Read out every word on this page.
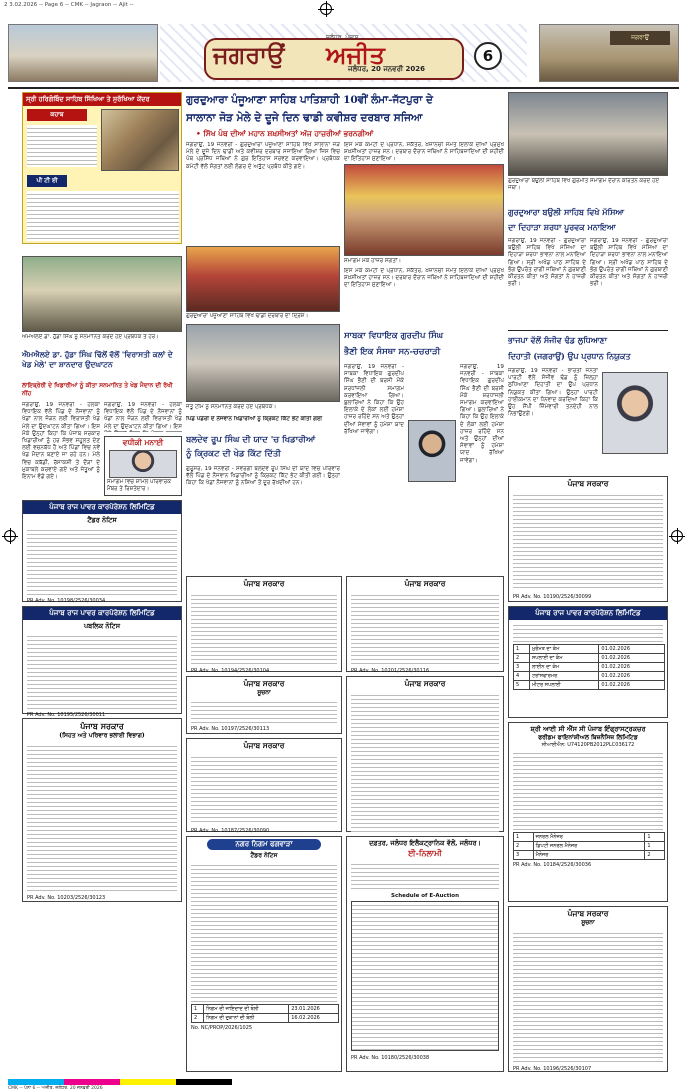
2 3.02.2026 -- Page 6 -- CMK -- Jagraon -- Ajit --
ਜਗਰਾਉਂ
ਜਲੰਧਰ, ਪੰਜਾਬ
ਅਜੀਤ
ਜਲੰਧਰ, 20 ਜਨਵਰੀ 2026
6
ਜਗਰਾਉਂ
ਸ੍ਰੀ ਹਰਿਗੋਬਿੰਦ ਸਾਹਿਬ ਸਿੱਖਿਆ ਤੇ ਸੁਰੱਖਿਆ ਕੇਂਦਰ
ਕਹਾਬ
ਪੀ ਟੀ ਈ
ਐਮਐਲਏ ਡਾ. ਹੁੱਡਾ ਸਿੰਘ ਨੂੰ ਸਨਮਾਨਿਤ ਕਰਦੇ ਹੋਏ ਪ੍ਰਬੰਧਕ ਤੇ ਹੋਰ।
ਐਮਐਲਏ ਡਾ. ਹੁੱਡਾ ਸਿੰਘ ਢਿੱਲੋਂ ਵੱਲੋਂ 'ਵਿਰਾਸਤੀ ਕਲਾਂ ਦੇ ਖੇਡ ਮੇਲੇ' ਦਾ ਸ਼ਾਨਦਾਰ ਉਦਘਾਟਨ
ਲਾਇਬ੍ਰੇਰੀ ਦੇ ਖਿਡਾਰੀਆਂ ਨੂੰ ਕੀਤਾ ਸਨਮਾਨਿਤ ਤੇ ਖੇਡ ਮੈਦਾਨ ਦੀ ਰੱਖੀ ਨੀਂਹ
ਜਗਰਾਉਂ, 19 ਜਨਵਰੀ - ਹਲਕਾ ਵਿਧਾਇਕ ਵੱਲੋਂ ਪਿੰਡ ਦੇ ਨੌਜਵਾਨਾਂ ਨੂੰ ਖੇਡਾਂ ਨਾਲ ਜੋੜਨ ਲਈ ਵਿਰਾਸਤੀ ਖੇਡ ਮੇਲੇ ਦਾ ਉਦਘਾਟਨ ਕੀਤਾ ਗਿਆ। ਇਸ ਮੌਕੇ ਉਨ੍ਹਾਂ ਕਿਹਾ ਕਿ ਪੰਜਾਬ ਸਰਕਾਰ ਖਿਡਾਰੀਆਂ ਨੂੰ ਹਰ ਸੰਭਵ ਸਹੂਲਤ ਦੇਣ ਲਈ ਵਚਨਬੱਧ ਹੈ ਅਤੇ ਪਿੰਡਾਂ ਵਿਚ ਨਵੇਂ ਖੇਡ ਮੈਦਾਨ ਬਣਾਏ ਜਾ ਰਹੇ ਹਨ। ਮੇਲੇ ਵਿਚ ਕਬੱਡੀ, ਰੱਸਾਕਸ਼ੀ ਤੇ ਦੌੜਾਂ ਦੇ ਮੁਕਾਬਲੇ ਕਰਵਾਏ ਗਏ ਅਤੇ ਜੇਤੂਆਂ ਨੂੰ ਇਨਾਮ ਵੰਡੇ ਗਏ।
ਜਗਰਾਉਂ, 19 ਜਨਵਰੀ - ਹਲਕਾ ਵਿਧਾਇਕ ਵੱਲੋਂ ਪਿੰਡ ਦੇ ਨੌਜਵਾਨਾਂ ਨੂੰ ਖੇਡਾਂ ਨਾਲ ਜੋੜਨ ਲਈ ਵਿਰਾਸਤੀ ਖੇਡ ਮੇਲੇ ਦਾ ਉਦਘਾਟਨ ਕੀਤਾ ਗਿਆ। ਇਸ
ਵਧੀਕੀ ਮਨਾਈ
ਸਮਾਗਮ ਵਿਚ ਸ਼ਾਮਲ ਪਰਿਵਾਰਕ ਮੈਂਬਰ ਤੇ ਰਿਸ਼ਤੇਦਾਰ।
ਪੰਜਾਬ ਰਾਜ ਪਾਵਰ ਕਾਰਪੋਰੇਸ਼ਨ ਲਿਮਿਟਿਡ
ਟੈਂਡਰ ਨੋਟਿਸ
PR Adv. No. 10198/2526/30034
ਪੰਜਾਬ ਰਾਜ ਪਾਵਰ ਕਾਰਪੋਰੇਸ਼ਨ ਲਿਮਿਟਿਡ
ਪਬਲਿਕ ਨੋਟਿਸ
PR Adv. No. 10195/2526/30011
ਪੰਜਾਬ ਸਰਕਾਰ
(ਸਿਹਤ ਅਤੇ ਪਰਿਵਾਰ ਭਲਾਈ ਵਿਭਾਗ)
PR Adv. No. 10203/2526/30123
ਗੁਰਦੁਆਰਾ ਪੰਜੂਆਣਾ ਸਾਹਿਬ ਪਾਤਿਸ਼ਾਹੀ 10ਵੀਂ ਲੰਮਾ-ਜੱਟਪੁਰਾ ਦੇ
ਸਾਲਾਨਾ ਜੋੜ ਮੇਲੇ ਦੇ ਦੂਜੇ ਦਿਨ ਢਾਡੀ ਕਵੀਸ਼ਰ ਦਰਬਾਰ ਸਜਿਆ
• ਸਿੱਖ ਪੰਥ ਦੀਆਂ ਮਹਾਨ ਸ਼ਖ਼ਸੀਅਤਾਂ ਅੱਜ ਹਾਜ਼ਰੀਆਂ ਭਰਨਗੀਆਂ
ਜਗਰਾਉਂ, 19 ਜਨਵਰੀ - ਗੁਰਦੁਆਰਾ ਪੰਜੂਆਣਾ ਸਾਹਿਬ ਵਿਖੇ ਸਾਲਾਨਾ ਜੋੜ ਮੇਲੇ ਦੇ ਦੂਜੇ ਦਿਨ ਢਾਡੀ ਅਤੇ ਕਵੀਸ਼ਰ ਦਰਬਾਰ ਸਜਾਇਆ ਗਿਆ ਜਿਸ ਵਿਚ ਪੰਥ ਪ੍ਰਸਿੱਧ ਜਥਿਆਂ ਨੇ ਗੁਰ ਇਤਿਹਾਸ ਸਰਵਣ ਕਰਵਾਇਆ। ਪ੍ਰਬੰਧਕ ਕਮੇਟੀ ਵੱਲੋਂ ਸੰਗਤਾਂ ਲਈ ਲੰਗਰ ਦੇ ਅਤੁੱਟ ਪ੍ਰਬੰਧ ਕੀਤੇ ਗਏ।
ਇਸ ਮੌਕੇ ਕਮੇਟੀ ਦੇ ਪ੍ਰਧਾਨ, ਸਕੱਤਰ, ਖ਼ਜ਼ਾਨਚੀ ਸਮੇਤ ਇਲਾਕੇ ਦੀਆਂ ਪ੍ਰਮੁੱਖ ਸ਼ਖ਼ਸੀਅਤਾਂ ਹਾਜ਼ਰ ਸਨ। ਦਰਬਾਰ ਦੌਰਾਨ ਜਥਿਆਂ ਨੇ ਸਾਹਿਬਜ਼ਾਦਿਆਂ ਦੀ ਸ਼ਹੀਦੀ ਦਾ ਇਤਿਹਾਸ ਸੁਣਾਇਆ।
ਸਮਾਗਮ ਮੌਕੇ ਹਾਜ਼ਰ ਸੰਗਤਾਂ।
ਗੁਰਦੁਆਰਾ ਪੰਜੂਆਣਾ ਸਾਹਿਬ ਵਿਖੇ ਢਾਡੀ ਦਰਬਾਰ ਦਾ ਦ੍ਰਿਸ਼।
ਇਸ ਮੌਕੇ ਕਮੇਟੀ ਦੇ ਪ੍ਰਧਾਨ, ਸਕੱਤਰ, ਖ਼ਜ਼ਾਨਚੀ ਸਮੇਤ ਇਲਾਕੇ ਦੀਆਂ ਪ੍ਰਮੁੱਖ ਸ਼ਖ਼ਸੀਅਤਾਂ ਹਾਜ਼ਰ ਸਨ। ਦਰਬਾਰ ਦੌਰਾਨ ਜਥਿਆਂ ਨੇ ਸਾਹਿਬਜ਼ਾਦਿਆਂ ਦੀ ਸ਼ਹੀਦੀ ਦਾ ਇਤਿਹਾਸ ਸੁਣਾਇਆ।
ਜੇਤੂ ਟੀਮ ਨੂੰ ਸਨਮਾਨਿਤ ਕਰਦੇ ਹੋਏ ਪ੍ਰਬੰਧਕ।
ਪਿੰਡ ਪੰਡੋਰੀ ਦੇ ਨੌਜਵਾਨ ਖਿਡਾਰੀਆਂ ਨੂੰ ਕ੍ਰਿਕਟ ਕਿੱਟ ਭੇਟ ਕੀਤੀ ਗਈ
ਬਲਦੇਵ ਰੂਪ ਸਿੰਘ ਦੀ ਯਾਦ 'ਚ ਖਿਡਾਰੀਆਂ
ਨੂੰ ਕ੍ਰਿਕਟ ਦੀ ਖੇਡ ਕਿੱਟ ਦਿੱਤੀ
ਗੁਰੂਸਰ, 19 ਜਨਵਰੀ - ਸਵਰਗੀ ਬਲਦੇਵ ਰੂਪ ਸਿੰਘ ਦੀ ਯਾਦ ਵਿਚ ਪਰਿਵਾਰ ਵੱਲੋਂ ਪਿੰਡ ਦੇ ਨੌਜਵਾਨ ਖਿਡਾਰੀਆਂ ਨੂੰ ਕ੍ਰਿਕਟ ਕਿੱਟ ਭੇਟ ਕੀਤੀ ਗਈ। ਉਨ੍ਹਾਂ ਕਿਹਾ ਕਿ ਖੇਡਾਂ ਨੌਜਵਾਨਾਂ ਨੂੰ ਨਸ਼ਿਆਂ ਤੋਂ ਦੂਰ ਰੱਖਦੀਆਂ ਹਨ।
ਸਾਬਕਾ ਵਿਧਾਇਕ ਗੁਰਦੀਪ ਸਿੰਘ
ਭੈਣੀ ਇਕ ਸੰਸਥਾ ਸਨ-ਚਚਰਾੜੀ
ਜਗਰਾਉਂ, 19 ਜਨਵਰੀ - ਸਾਬਕਾ ਵਿਧਾਇਕ ਗੁਰਦੀਪ ਸਿੰਘ ਭੈਣੀ ਦੀ ਬਰਸੀ ਮੌਕੇ ਸ਼ਰਧਾਂਜਲੀ ਸਮਾਗਮ ਕਰਵਾਇਆ ਗਿਆ। ਬੁਲਾਰਿਆਂ ਨੇ ਕਿਹਾ ਕਿ ਉਹ ਇਲਾਕੇ ਦੇ ਲੋਕਾਂ ਲਈ ਹਮੇਸ਼ਾ ਹਾਜ਼ਰ ਰਹਿੰਦੇ ਸਨ ਅਤੇ ਉਨ੍ਹਾਂ ਦੀਆਂ ਸੇਵਾਵਾਂ ਨੂੰ ਹਮੇਸ਼ਾ ਯਾਦ ਰੱਖਿਆ ਜਾਵੇਗਾ।
ਜਗਰਾਉਂ, 19 ਜਨਵਰੀ - ਸਾਬਕਾ ਵਿਧਾਇਕ ਗੁਰਦੀਪ ਸਿੰਘ ਭੈਣੀ ਦੀ ਬਰਸੀ ਮੌਕੇ ਸ਼ਰਧਾਂਜਲੀ ਸਮਾਗਮ ਕਰਵਾਇਆ ਗਿਆ। ਬੁਲਾਰਿਆਂ ਨੇ ਕਿਹਾ ਕਿ ਉਹ ਇਲਾਕੇ ਦੇ ਲੋਕਾਂ ਲਈ ਹਮੇਸ਼ਾ ਹਾਜ਼ਰ ਰਹਿੰਦੇ ਸਨ ਅਤੇ ਉਨ੍ਹਾਂ ਦੀਆਂ ਸੇਵਾਵਾਂ ਨੂੰ ਹਮੇਸ਼ਾ ਯਾਦ ਰੱਖਿਆ ਜਾਵੇਗਾ।
ਗੁਰਦੁਆਰਾ ਬਉਲੀ ਸਾਹਿਬ ਵਿਖੇ ਗੁਰਮਤਿ ਸਮਾਗਮ ਦੌਰਾਨ ਕੀਰਤਨ ਕਰਦੇ ਹੋਏ ਜਥਾ।
ਗੁਰਦੁਆਰਾ ਬਉਲੀ ਸਾਹਿਬ ਵਿਖੇ ਮੱਸਿਆ
ਦਾ ਦਿਹਾੜਾ ਸ਼ਰਧਾ ਪੂਰਵਕ ਮਨਾਇਆ
ਜਗਰਾਉਂ, 19 ਜਨਵਰੀ - ਗੁਰਦੁਆਰਾ ਬਉਲੀ ਸਾਹਿਬ ਵਿਖੇ ਮੱਸਿਆ ਦਾ ਦਿਹਾੜਾ ਸ਼ਰਧਾ ਭਾਵਨਾ ਨਾਲ ਮਨਾਇਆ ਗਿਆ। ਸ੍ਰੀ ਅਖੰਡ ਪਾਠ ਸਾਹਿਬ ਦੇ ਭੋਗ ਉਪਰੰਤ ਰਾਗੀ ਜਥਿਆਂ ਨੇ ਗੁਰਬਾਣੀ ਕੀਰਤਨ ਕੀਤਾ ਅਤੇ ਸੰਗਤਾਂ ਨੇ ਹਾਜ਼ਰੀ ਭਰੀ।
ਜਗਰਾਉਂ, 19 ਜਨਵਰੀ - ਗੁਰਦੁਆਰਾ ਬਉਲੀ ਸਾਹਿਬ ਵਿਖੇ ਮੱਸਿਆ ਦਾ ਦਿਹਾੜਾ ਸ਼ਰਧਾ ਭਾਵਨਾ ਨਾਲ ਮਨਾਇਆ ਗਿਆ। ਸ੍ਰੀ ਅਖੰਡ ਪਾਠ ਸਾਹਿਬ ਦੇ ਭੋਗ ਉਪਰੰਤ ਰਾਗੀ ਜਥਿਆਂ ਨੇ ਗੁਰਬਾਣੀ ਕੀਰਤਨ ਕੀਤਾ ਅਤੇ ਸੰਗਤਾਂ ਨੇ ਹਾਜ਼ਰੀ ਭਰੀ।
ਭਾਜਪਾ ਵੱਲੋਂ ਸੰਜੀਵ ਢੰਡ ਲੁਧਿਆਣਾ
ਦਿਹਾਤੀ (ਜਗਰਾਉਂ) ਉਪ ਪ੍ਰਧਾਨ ਨਿਯੁਕਤ
ਜਗਰਾਉਂ, 19 ਜਨਵਰੀ - ਭਾਰਤੀ ਜਨਤਾ ਪਾਰਟੀ ਵੱਲੋਂ ਸੰਜੀਵ ਢੰਡ ਨੂੰ ਜ਼ਿਲ੍ਹਾ ਲੁਧਿਆਣਾ ਦਿਹਾਤੀ ਦਾ ਉਪ ਪ੍ਰਧਾਨ ਨਿਯੁਕਤ ਕੀਤਾ ਗਿਆ। ਉਨ੍ਹਾਂ ਪਾਰਟੀ ਹਾਈਕਮਾਨ ਦਾ ਧੰਨਵਾਦ ਕਰਦਿਆਂ ਕਿਹਾ ਕਿ ਉਹ ਸੌਂਪੀ ਜ਼ਿੰਮੇਵਾਰੀ ਤਨਦੇਹੀ ਨਾਲ ਨਿਭਾਉਣਗੇ।
ਪੰਜਾਬ ਸਰਕਾਰ
PR Adv. No. 10190/2526/30099
ਪੰਜਾਬ ਰਾਜ ਪਾਵਰ ਕਾਰਪੋਰੇਸ਼ਨ ਲਿਮਿਟਿਡ
1	ਮੁਰੰਮਤ ਦਾ ਕੰਮ	01.02.2026
2	ਸਪਲਾਈ ਦਾ ਕੰਮ	01.02.2026
3	ਲਾਈਨ ਦਾ ਕੰਮ	01.02.2026
4	ਟਰਾਂਸਫਾਰਮਰ	01.02.2026
5	ਮੀਟਰ ਸਪਲਾਈ	01.02.2026
ਸ਼੍ਰੀ ਆਈ ਸੀ ਐੱਸ ਸੀ ਪੰਜਾਬ ਇੰਫ੍ਰਾਸਟ੍ਰਕਚਰ
ਫਰੀਡਮ ਫਾਇਨਾਂਸ਼ੀਅਲ ਬਿਜ਼ਨੈਸਿਜ਼ ਲਿਮਿਟਿਡ
ਸੀਆਈਐਨ: U74120PB2012PLC036172
1	ਜਨਰਲ ਮੈਨੇਜਰ	1
2	ਡਿਪਟੀ ਜਨਰਲ ਮੈਨੇਜਰ	1
3	ਮੈਨੇਜਰ	2
PR Adv. No. 10184/2526/30036
ਪੰਜਾਬ ਸਰਕਾਰ
ਸੂਚਨਾ
PR Adv. No. 10196/2526/30107
ਪੰਜਾਬ ਸਰਕਾਰ
PR Adv. No. 10194/2526/30104
ਪੰਜਾਬ ਸਰਕਾਰ
ਸੂਚਨਾ
PR Adv. No. 10197/2526/30113
ਪੰਜਾਬ ਸਰਕਾਰ
PR Adv. No. 10187/2526/30090
ਨਗਰ ਨਿਗਮ ਫਗਵਾੜਾ
ਟੈਂਡਰ ਨੋਟਿਸ
1	ਨਿਗਮ ਦੀ ਜਾਇਦਾਦ ਦੀ ਬੋਲੀ	23.01.2026
2	ਨਿਗਮ ਦੀ ਦੁਕਾਨਾਂ ਦੀ ਬੋਲੀ	16.02.2026
No. NC/PROP/2026/1025
ਪੰਜਾਬ ਸਰਕਾਰ
PR Adv. No. 10201/2526/30116
ਪੰਜਾਬ ਸਰਕਾਰ
ਦਫ਼ਤਰ, ਜਲੰਧਰ ਇਲੈਕਟ੍ਰਾਨਿਕ ਵੱਲੋਂ, ਜਲੰਧਰ।
ਈ-ਨਿਲਾਮੀ
Schedule of E-Auction
PR Adv. No. 10180/2526/30038
CMK -- ਪੰਨਾ 6 -- ਅਜੀਤ, ਜਲੰਧਰ, 20 ਜਨਵਰੀ 2026
